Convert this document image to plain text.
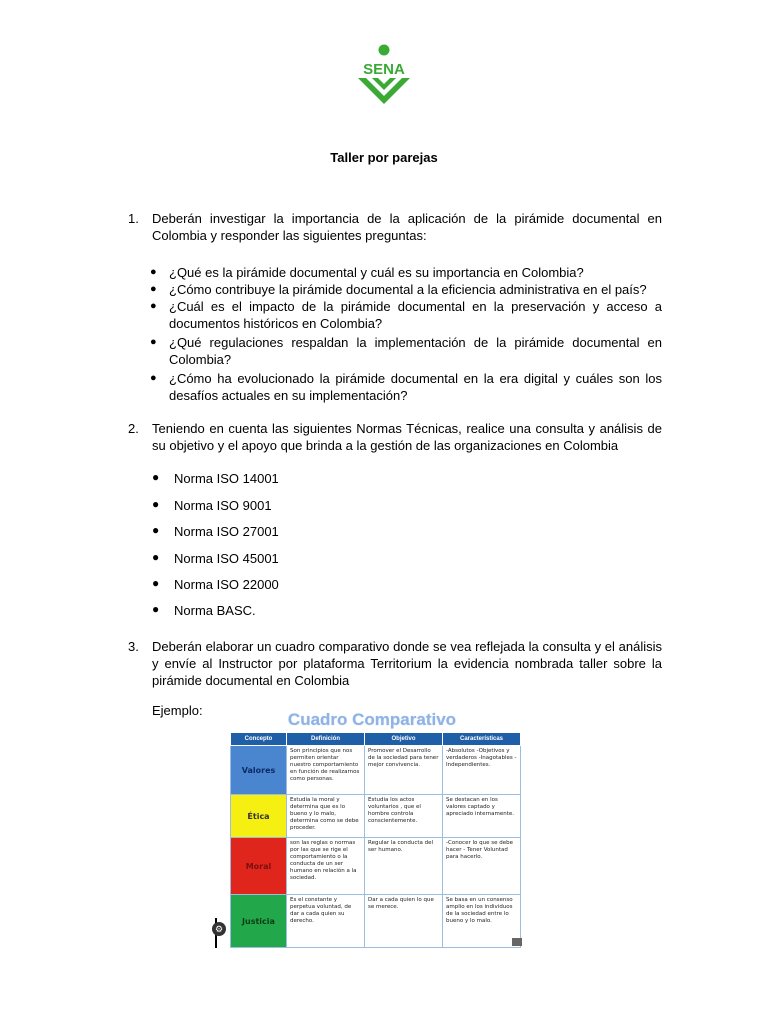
SENA
Taller por parejas
1. Deberán investigar la importancia de la aplicación de la pirámide documental en Colombia y responder las siguientes preguntas:
● ¿Qué es la pirámide documental y cuál es su importancia en Colombia?
● ¿Cómo contribuye la pirámide documental a la eficiencia administrativa en el país?
● ¿Cuál es el impacto de la pirámide documental en la preservación y acceso a documentos históricos en Colombia?
● ¿Qué regulaciones respaldan la implementación de la pirámide documental en Colombia?
● ¿Cómo ha evolucionado la pirámide documental en la era digital y cuáles son los desafíos actuales en su implementación?
2. Teniendo en cuenta las siguientes Normas Técnicas, realice una consulta y análisis de su objetivo y el apoyo que brinda a la gestión de las organizaciones en Colombia
● Norma ISO 14001
● Norma ISO 9001
● Norma ISO 27001
● Norma ISO 45001
● Norma ISO 22000
● Norma BASC.
3. Deberán elaborar un cuadro comparativo donde se vea reflejada la consulta y el análisis y envíe al Instructor por plataforma Territorium la evidencia nombrada taller sobre la pirámide documental en Colombia
Ejemplo:	Cuadro Comparativo
Concepto	Definición	Objetivo	Características
Valores	Son principios que nos permiten orientar nuestro comportamiento en función de realizarnos como personas.	Promover el Desarrollo de la sociedad para tener mejor convivencia.	-Absolutos -Objetivos y verdaderos -Inagotables -Independientes.
Ética	Estudia la moral y determina que es lo bueno y lo malo, determina como se debe proceder.	Estudia los actos voluntarios , que el hombre controla conscientemente.	Se destacan en los valores captado y apreciado internamente.
Moral	son las reglas o normas por las que se rige el comportamiento o la conducta de un ser humano en relación a la sociedad.	Regular la conducta del ser humano.	-Conocer lo que se debe hacer - Tener Voluntad para hacerlo.
Justicia	Es el constante y perpetua voluntad, de dar a cada quien su derecho.	Dar a cada quien lo que se merece.	Se basa en un consenso amplio en los individuos de la sociedad entre lo bueno y lo malo.
⚙
